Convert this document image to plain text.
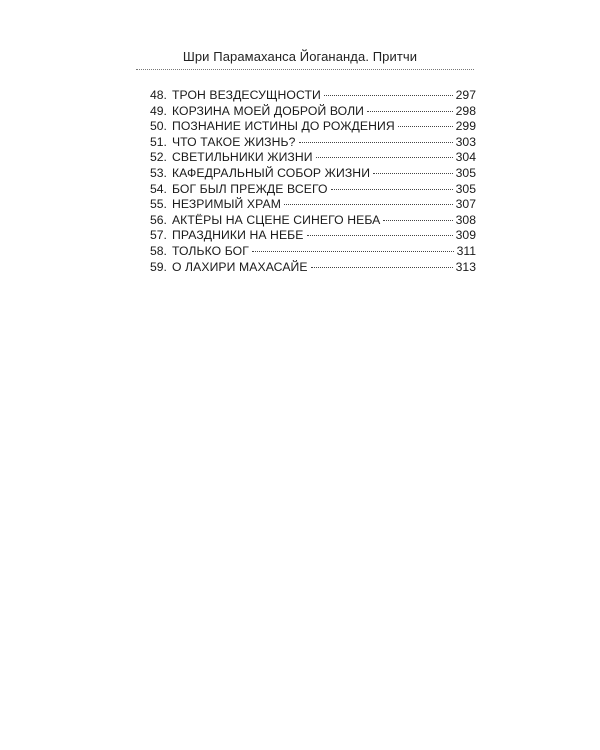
Шри Парамаханса Йогананда. Притчи
48. ТРОН ВЕЗДЕСУЩНОСТИ	297
49. КОРЗИНА МОЕЙ ДОБРОЙ ВОЛИ	298
50. ПОЗНАНИЕ ИСТИНЫ ДО РОЖДЕНИЯ	299
51. ЧТО ТАКОЕ ЖИЗНЬ?	303
52. СВЕТИЛЬНИКИ ЖИЗНИ	304
53. КАФЕДРАЛЬНЫЙ СОБОР ЖИЗНИ	305
54. БОГ БЫЛ ПРЕЖДЕ ВСЕГО	305
55. НЕЗРИМЫЙ ХРАМ	307
56. АКТЁРЫ НА СЦЕНЕ СИНЕГО НЕБА	308
57. ПРАЗДНИКИ НА НЕБЕ	309
58. ТОЛЬКО БОГ	311
59. О ЛАХИРИ МАХАСАЙЕ	313
